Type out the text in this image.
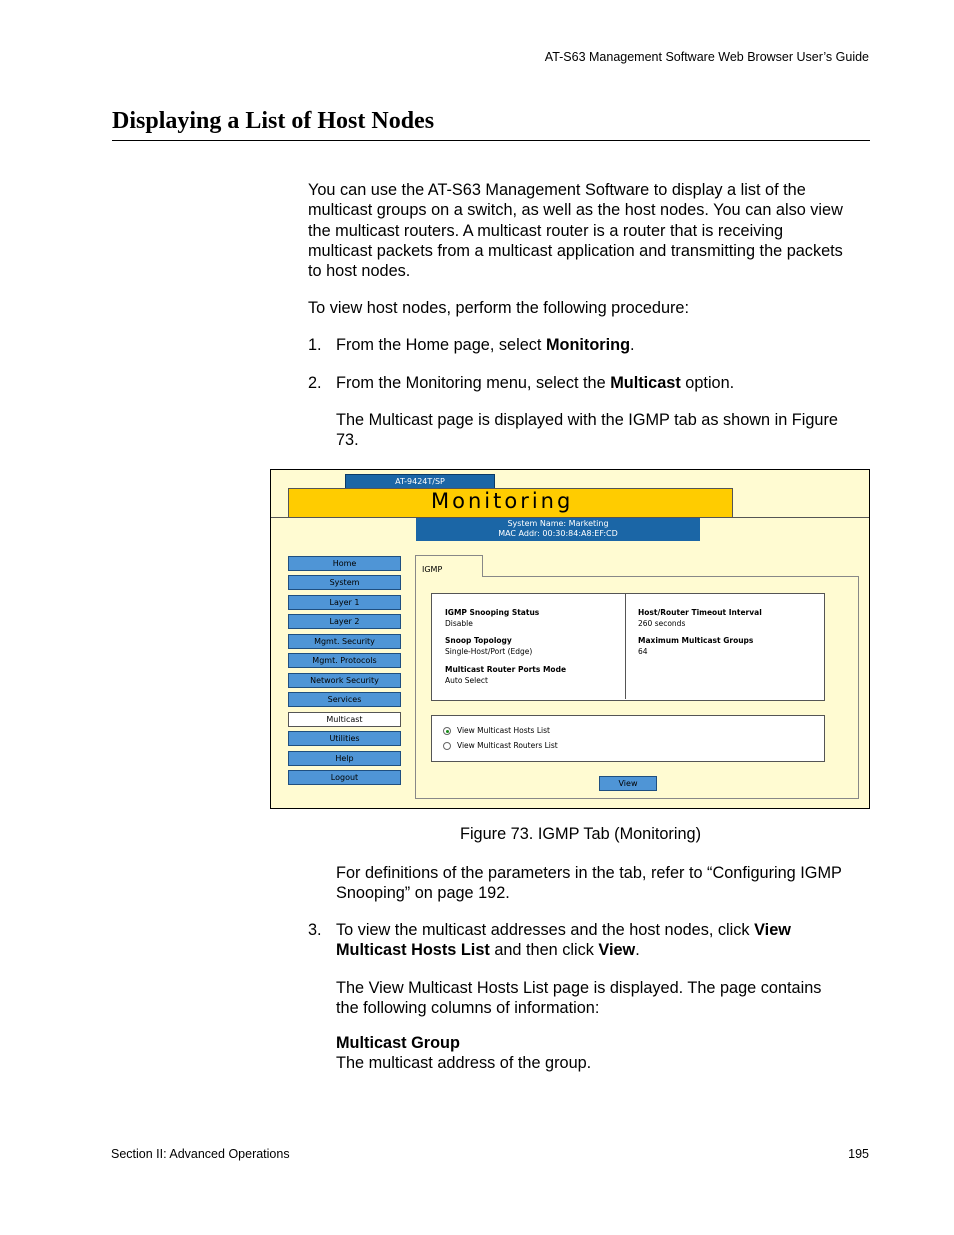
AT-S63 Management Software Web Browser User’s Guide
Displaying a List of Host Nodes
You can use the AT-S63 Management Software to display a list of the
multicast groups on a switch, as well as the host nodes. You can also view
the multicast routers. A multicast router is a router that is receiving
multicast packets from a multicast application and transmitting the packets
to host nodes.
To view host nodes, perform the following procedure:
1. From the Home page, select Monitoring.
2. From the Monitoring menu, select the Multicast option.
The Multicast page is displayed with the IGMP tab as shown in Figure
73.
AT-9424T/SP
Monitoring
System Name: Marketing
MAC Addr: 00:30:84:A8:EF:CD
Home
System
Layer 1
Layer 2
Mgmt. Security
Mgmt. Protocols
Network Security
Services
Multicast
Utilities
Help
Logout
IGMP
IGMP Snooping Status
Disable
Snoop Topology
Single-Host/Port (Edge)
Multicast Router Ports Mode
Auto Select
Host/Router Timeout Interval
260 seconds
Maximum Multicast Groups
64
View Multicast Hosts List
View Multicast Routers List
View
Figure 73. IGMP Tab (Monitoring)
For definitions of the parameters in the tab, refer to “Configuring IGMP
Snooping” on page 192.
3. To view the multicast addresses and the host nodes, click View
Multicast Hosts List and then click View.
The View Multicast Hosts List page is displayed. The page contains
the following columns of information:
Multicast Group
The multicast address of the group.
Section II: Advanced Operations	195
